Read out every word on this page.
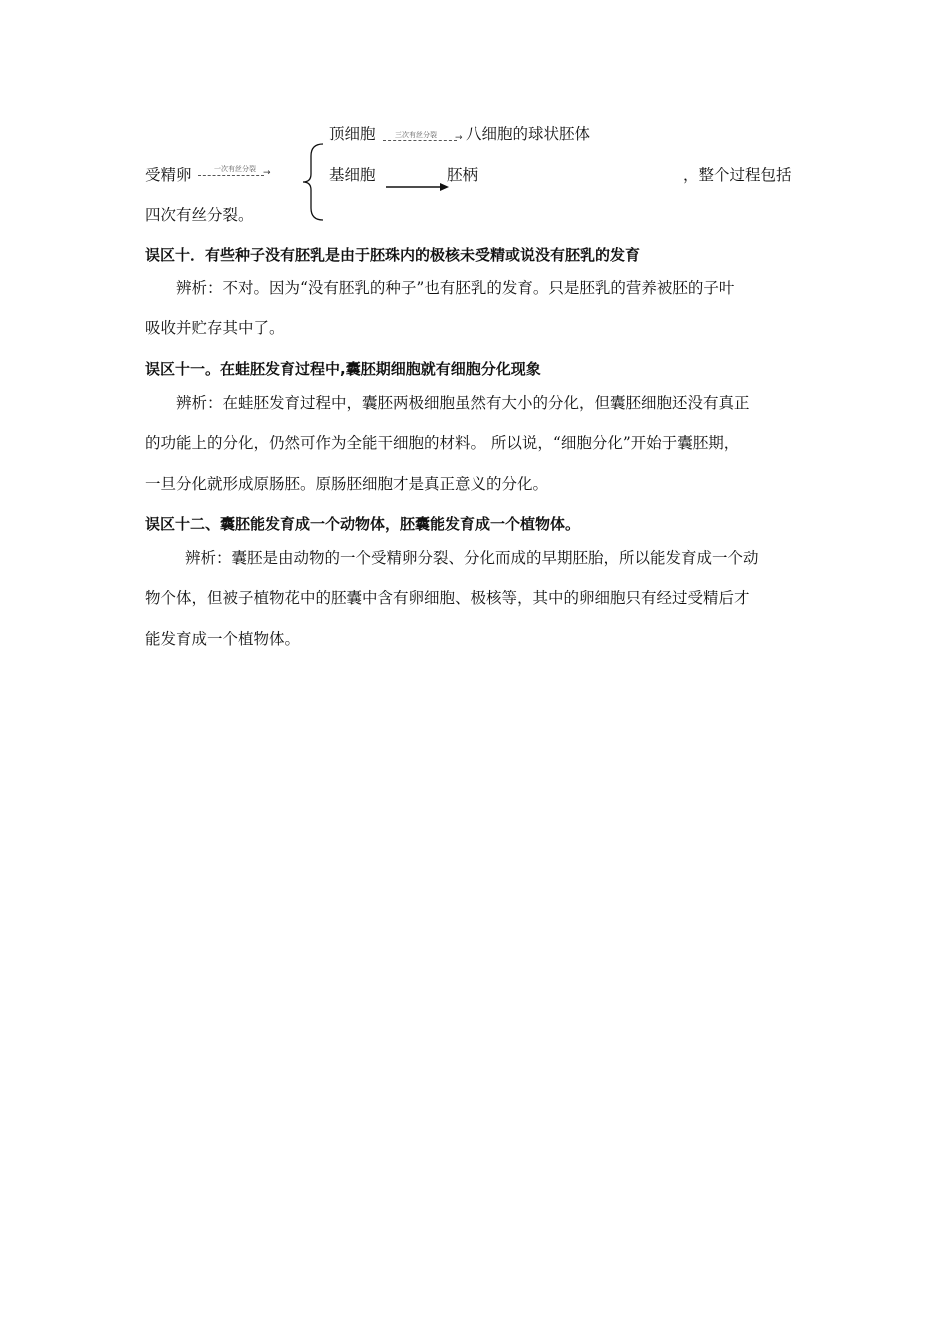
顶细胞	三次有丝分裂 → 八细胞的球状胚体
受精卵	一次有丝分裂 →	基细胞	胚柄	，整个过程包括
四次有丝分裂。
误区十．有些种子没有胚乳是由于胚珠内的极核未受精或说没有胚乳的发育
辨析：不对。因为“没有胚乳的种子”也有胚乳的发育。只是胚乳的营养被胚的子叶
吸收并贮存其中了。
误区十一。在蛙胚发育过程中,囊胚期细胞就有细胞分化现象
辨析：在蛙胚发育过程中，囊胚两极细胞虽然有大小的分化，但囊胚细胞还没有真正
的功能上的分化，仍然可作为全能干细胞的材料。 所以说，“细胞分化”开始于囊胚期，
一旦分化就形成原肠胚。原肠胚细胞才是真正意义的分化。
误区十二、囊胚能发育成一个动物体，胚囊能发育成一个植物体。
辨析：囊胚是由动物的一个受精卵分裂、分化而成的早期胚胎，所以能发育成一个动
物个体，但被子植物花中的胚囊中含有卵细胞、极核等，其中的卵细胞只有经过受精后才
能发育成一个植物体。
